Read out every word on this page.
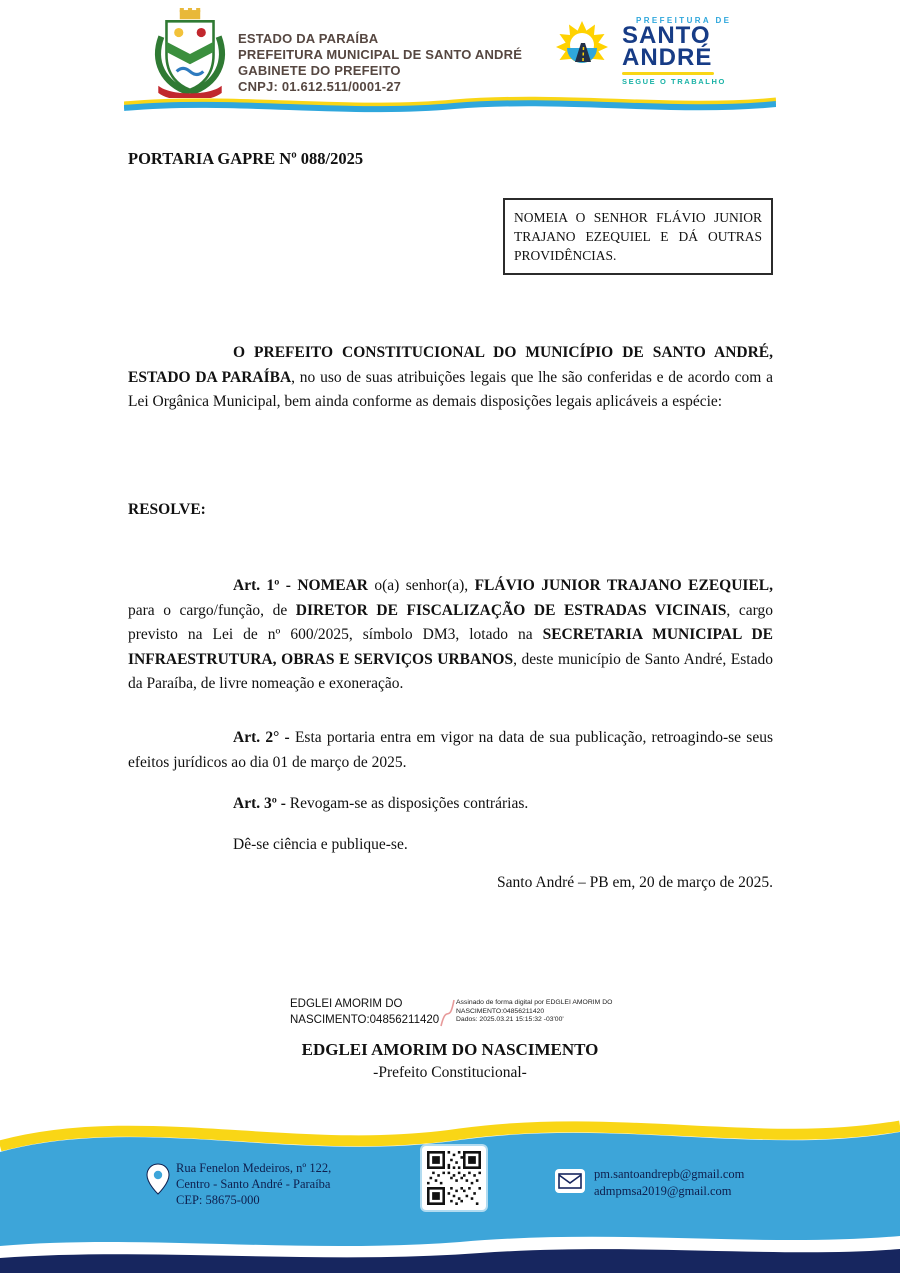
ESTADO DA PARAÍBA
PREFEITURA MUNICIPAL DE SANTO ANDRÉ
GABINETE DO PREFEITO
CNPJ: 01.612.511/0001-27
PREFEITURA DE
SANTO
ANDRÉ
SEGUE O TRABALHO
PORTARIA GAPRE Nº 088/2025
NOMEIA O SENHOR FLÁVIO JUNIOR TRAJANO EZEQUIEL E DÁ OUTRAS PROVIDÊNCIAS.

O PREFEITO CONSTITUCIONAL DO MUNICÍPIO DE SANTO ANDRÉ, ESTADO DA PARAÍBA, no uso de suas atribuições legais que lhe são conferidas e de acordo com a Lei Orgânica Municipal, bem ainda conforme as demais disposições legais aplicáveis a espécie:

RESOLVE:

Art. 1º - NOMEAR o(a) senhor(a), FLÁVIO JUNIOR TRAJANO EZEQUIEL, para o cargo/função, de DIRETOR DE FISCALIZAÇÃO DE ESTRADAS VICINAIS, cargo previsto na Lei de nº 600/2025, símbolo DM3, lotado na SECRETARIA MUNICIPAL DE INFRAESTRUTURA, OBRAS E SERVIÇOS URBANOS, deste município de Santo André, Estado da Paraíba, de livre nomeação e exoneração.

Art. 2° - Esta portaria entra em vigor na data de sua publicação, retroagindo-se seus efeitos jurídicos ao dia 01 de março de 2025.

Art. 3º - Revogam-se as disposições contrárias.

Dê-se ciência e publique-se.

Santo André – PB em, 20 de março de 2025.

EDGLEI AMORIM DO NASCIMENTO:04856211420
Assinado de forma digital por EDGLEI AMORIM DO NASCIMENTO:04856211420
Dados: 2025.03.21 15:15:32 -03'00'
EDGLEI AMORIM DO NASCIMENTO
-Prefeito Constitucional-
Rua Fenelon Medeiros, nº 122,
Centro - Santo André - Paraíba
CEP: 58675-000
pm.santoandrepb@gmail.com
admpmsa2019@gmail.com
